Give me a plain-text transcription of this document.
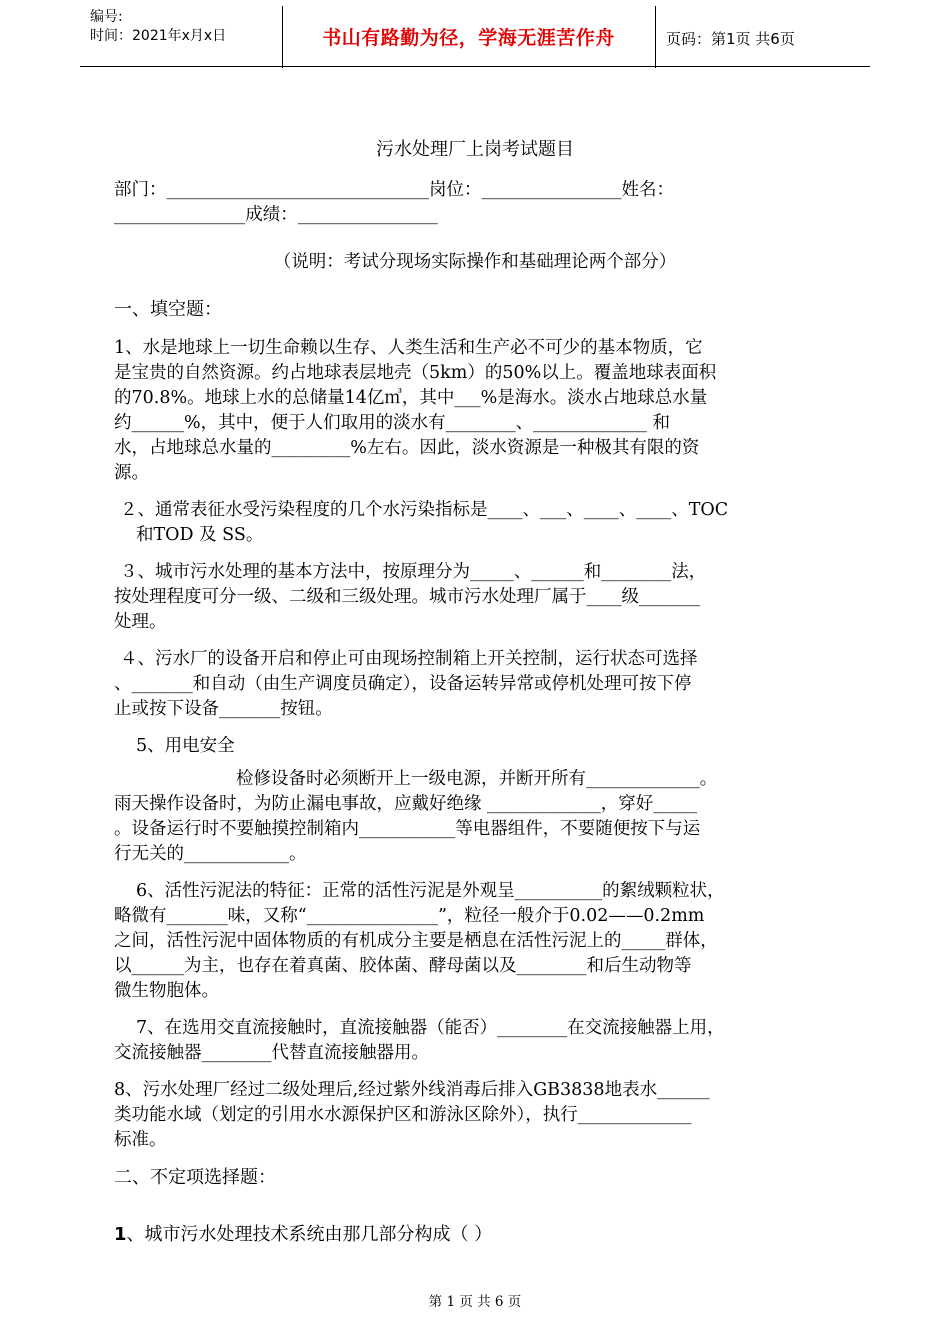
编号:
时间：2021年x月x日	书山有路勤为径，学海无涯苦作舟	页码：第1页 共6页
污水处理厂上岗考试题目
部门：______________________________岗位：________________姓名：
_______________成绩：________________
（说明：考试分现场实际操作和基础理论两个部分）
一、填空题：
1、水是地球上一切生命赖以生存、人类生活和生产必不可少的基本物质，它
是宝贵的自然资源。约占地球表层地壳（5km）的50%以上。覆盖地球表面积
的70.8%。地球上水的总储量14亿㎥，其中___%是海水。淡水占地球总水量
约______%，其中，便于人们取用的淡水有________、_____________ 和
水，占地球总水量的_________%左右。因此，淡水资源是一种极其有限的资
源。
２、通常表征水受污染程度的几个水污染指标是____、___、____、____、TOC
和TOD 及 SS。
３、城市污水处理的基本方法中，按原理分为_____、______和________法，
按处理程度可分一级、二级和三级处理。城市污水处理厂属于____级_______
处理。
４、污水厂的设备开启和停止可由现场控制箱上开关控制，运行状态可选择
、_______和自动（由生产调度员确定），设备运转异常或停机处理可按下停
止或按下设备_______按钮。
5、用电安全
检修设备时必须断开上一级电源，并断开所有_____________。
雨天操作设备时，为防止漏电事故，应戴好绝缘 _____________，穿好_____
。设备运行时不要触摸控制箱内___________等电器组件，不要随便按下与运
行无关的____________。
6、活性污泥法的特征：正常的活性污泥是外观呈__________的絮绒颗粒状，
略微有_______味，又称“_______________”，粒径一般介于0.02——0.2mm
之间，活性污泥中固体物质的有机成分主要是栖息在活性污泥上的_____群体，
以______为主，也存在着真菌、胶体菌、酵母菌以及________和后生动物等
微生物胞体。
7、在选用交直流接触时，直流接触器（能否）________在交流接触器上用，
交流接触器________代替直流接触器用。
8、污水处理厂经过二级处理后,经过紫外线消毒后排入GB3838地表水______
类功能水域（划定的引用水水源保护区和游泳区除外），执行_____________
标准。
二、不定项选择题：
1、城市污水处理技术系统由那几部分构成（ ）
第 1 页 共 6 页
